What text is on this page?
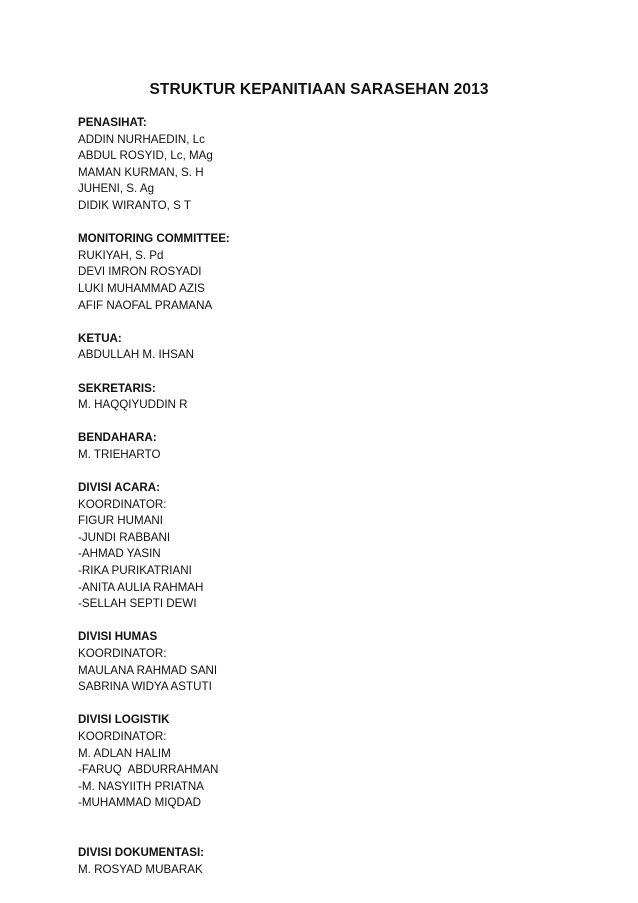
STRUKTUR KEPANITIAAN SARASEHAN 2013
PENASIHAT:
ADDIN NURHAEDIN, Lc
ABDUL ROSYID, Lc, MAg
MAMAN KURMAN, S. H
JUHENI, S. Ag
DIDIK WIRANTO, S T
MONITORING COMMITTEE:
RUKIYAH, S. Pd
DEVI IMRON ROSYADI
LUKI MUHAMMAD AZIS
AFIF NAOFAL PRAMANA
KETUA:
ABDULLAH M. IHSAN
SEKRETARIS:
M. HAQQIYUDDIN R
BENDAHARA:
M. TRIEHARTO
DIVISI ACARA:
KOORDINATOR:
FIGUR HUMANI
-JUNDI RABBANI
-AHMAD YASIN
-RIKA PURIKATRIANI
-ANITA AULIA RAHMAH
-SELLAH SEPTI DEWI
DIVISI HUMAS
KOORDINATOR:
MAULANA RAHMAD SANI
SABRINA WIDYA ASTUTI
DIVISI LOGISTIK
KOORDINATOR:
M. ADLAN HALIM
-FARUQ  ABDURRAHMAN
-M. NASYIITH PRIATNA
-MUHAMMAD MIQDAD
DIVISI DOKUMENTASI:
M. ROSYAD MUBARAK
